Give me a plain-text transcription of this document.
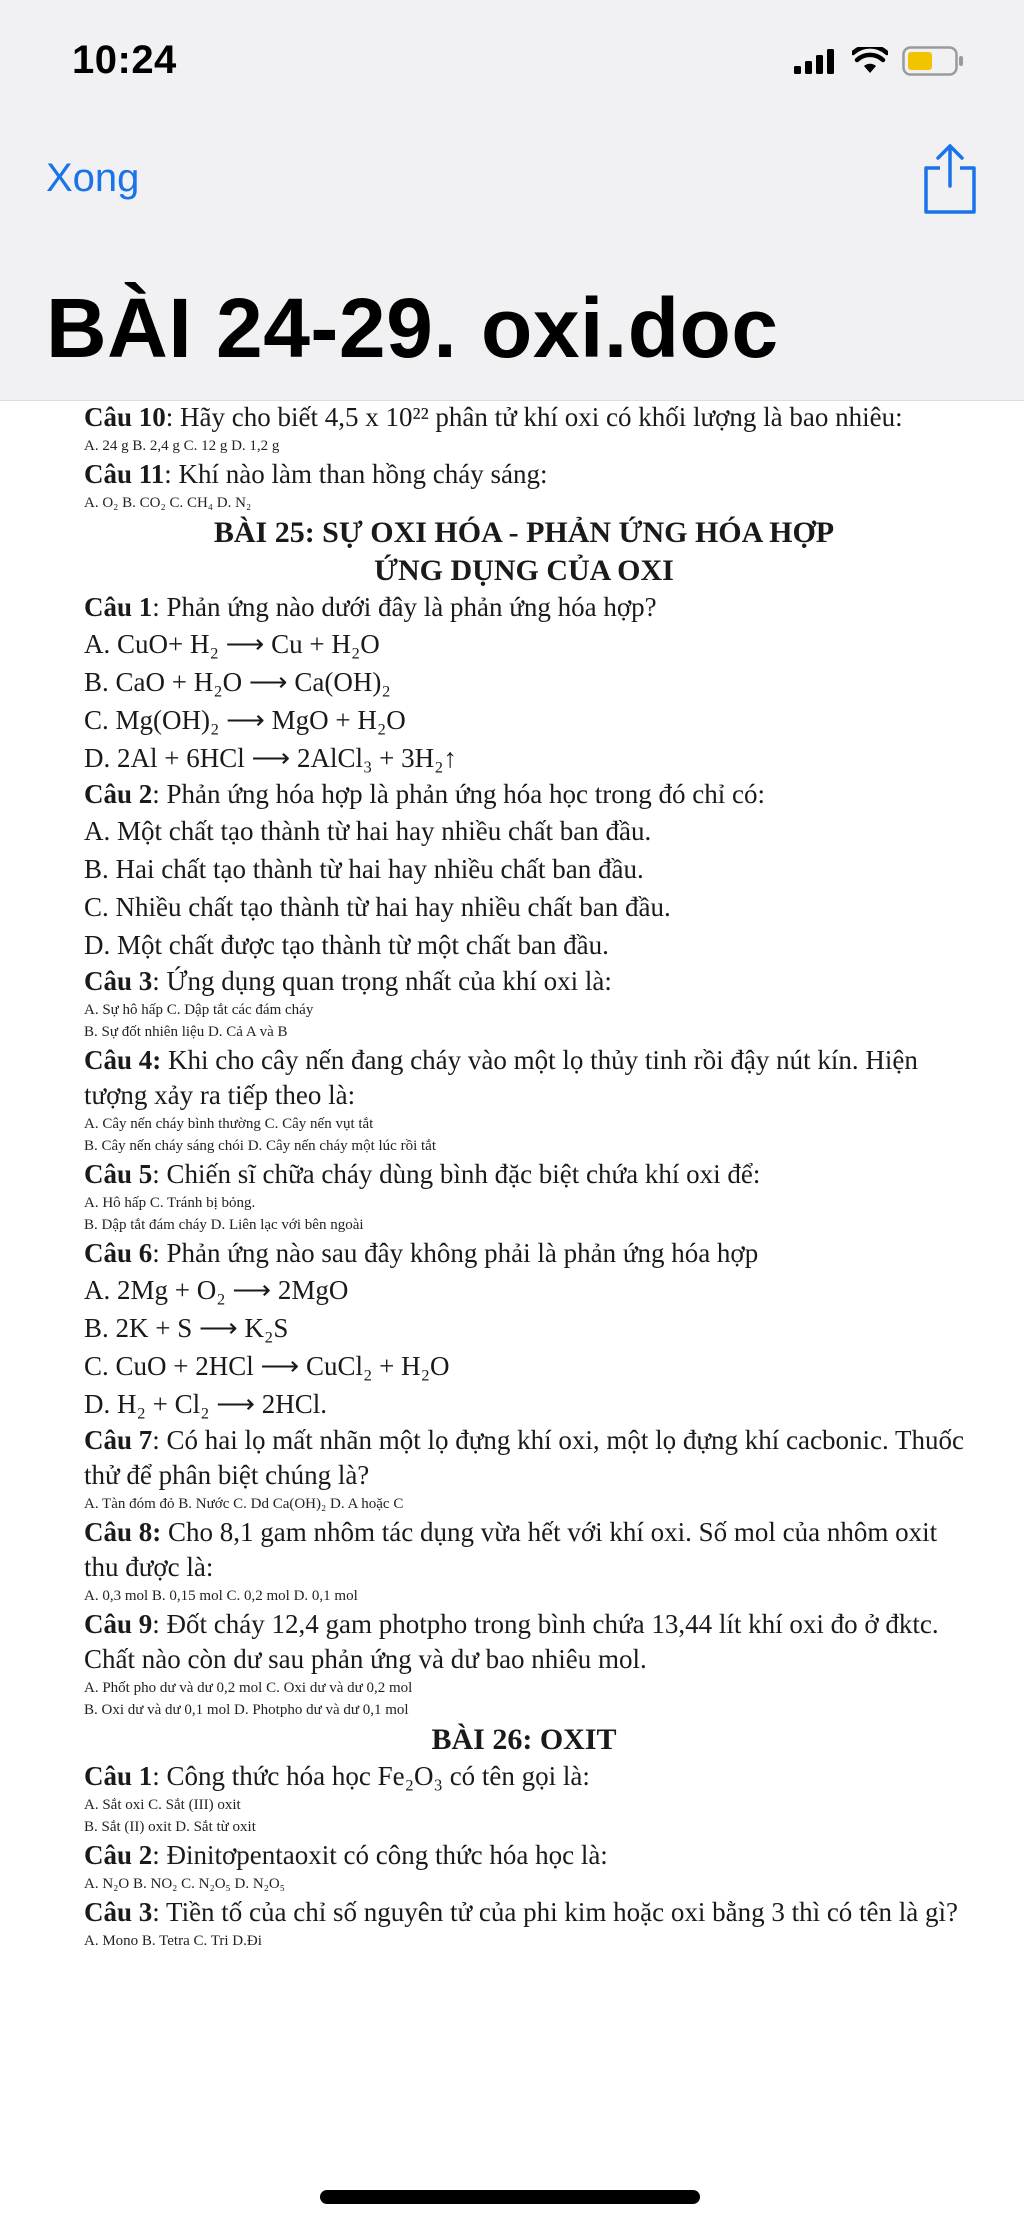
10:24
Xong
BÀI 24-29. oxi.doc

Câu 10: Hãy cho biết 4,5 x 10²² phân tử khí oxi có khối lượng là bao nhiêu:

A. 24 g B. 2,4 g C. 12 g D. 1,2 g

Câu 11: Khí nào làm than hồng cháy sáng:

A. O₂ B. CO₂ C. CH₄ D. N₂

BÀI 25: SỰ OXI HÓA - PHẢN ỨNG HÓA HỢP

ỨNG DỤNG CỦA OXI

Câu 1: Phản ứng nào dưới đây là phản ứng hóa hợp?

A. CuO+ H₂ ⟶ Cu + H₂O

B. CaO + H₂O ⟶ Ca(OH)₂

C. Mg(OH)₂ ⟶ MgO + H₂O

D. 2Al + 6HCl ⟶ 2AlCl₃ + 3H₂↑

Câu 2: Phản ứng hóa hợp là phản ứng hóa học trong đó chỉ có:

A. Một chất tạo thành từ hai hay nhiều chất ban đầu.

B. Hai chất tạo thành từ hai hay nhiều chất ban đầu.

C. Nhiều chất tạo thành từ hai hay nhiều chất ban đầu.

D. Một chất được tạo thành từ một chất ban đầu.

Câu 3: Ứng dụng quan trọng nhất của khí oxi là:

A. Sự hô hấp C. Dập tắt các đám cháy

B. Sự đốt nhiên liệu D. Cả A và B

Câu 4: Khi cho cây nến đang cháy vào một lọ thủy tinh rồi đậy nút kín. Hiện tượng xảy ra tiếp theo là:

A. Cây nến cháy bình thường C. Cây nến vụt tắt

B. Cây nến cháy sáng chói D. Cây nến cháy một lúc rồi tắt

Câu 5: Chiến sĩ chữa cháy dùng bình đặc biệt chứa khí oxi để:

A. Hô hấp C. Tránh bị bỏng.

B. Dập tắt đám cháy D. Liên lạc với bên ngoài

Câu 6: Phản ứng nào sau đây không phải là phản ứng hóa hợp

A. 2Mg + O₂ ⟶ 2MgO

B. 2K + S ⟶ K₂S

C. CuO + 2HCl ⟶ CuCl₂ + H₂O

D. H₂ + Cl₂ ⟶ 2HCl.

Câu 7: Có hai lọ mất nhãn một lọ đựng khí oxi, một lọ đựng khí cacbonic. Thuốc thử để phân biệt chúng là?

A. Tàn đóm đỏ B. Nước C. Dd Ca(OH)₂ D. A hoặc C

Câu 8: Cho 8,1 gam nhôm tác dụng vừa hết với khí oxi. Số mol của nhôm oxit thu được là:

A. 0,3 mol B. 0,15 mol C. 0,2 mol D. 0,1 mol

Câu 9: Đốt cháy 12,4 gam photpho trong bình chứa 13,44 lít khí oxi đo ở đktc. Chất nào còn dư sau phản ứng và dư bao nhiêu mol.

A. Phốt pho dư và dư 0,2 mol C. Oxi dư và dư 0,2 mol

B. Oxi dư và dư 0,1 mol D. Photpho dư và dư 0,1 mol

BÀI 26: OXIT

Câu 1: Công thức hóa học Fe₂O₃ có tên gọi là:

A. Sắt oxi C. Sắt (III) oxit

B. Sắt (II) oxit D. Sắt từ oxit

Câu 2: Đinitơpentaoxit có công thức hóa học là:

A. N₂O B. NO₂ C. N₂O₅ D. N₂O₅

Câu 3: Tiền tố của chỉ số nguyên tử của phi kim hoặc oxi bằng 3 thì có tên là gì?

A. Mono B. Tetra C. Tri D.Đi
